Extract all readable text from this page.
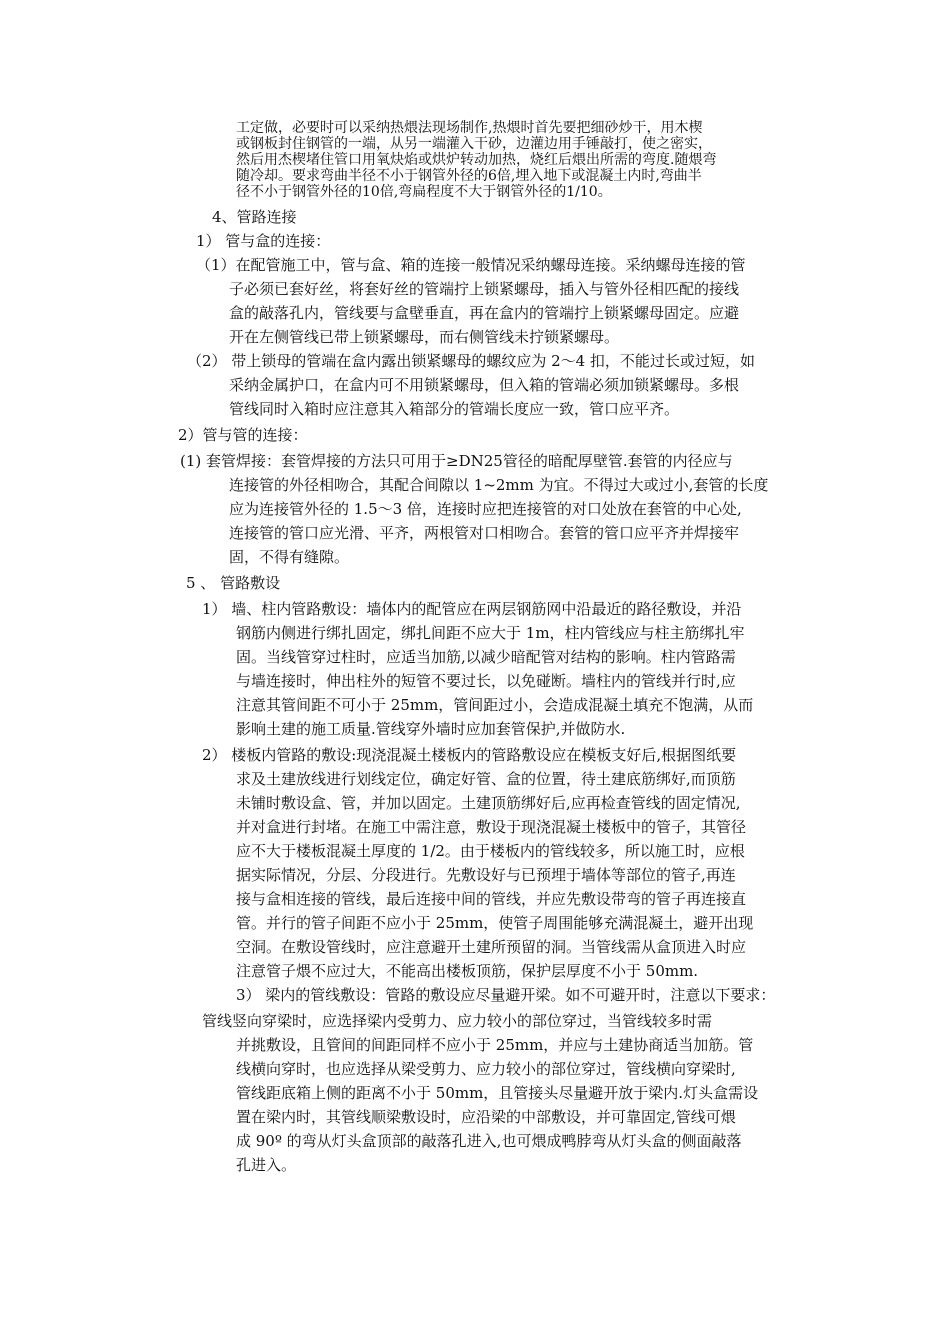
工定做，必要时可以采纳热煨法现场制作,热煨时首先要把细砂炒干，用木楔
或钢板封住钢管的一端，从另一端灌入干砂，边灌边用手锤敲打，使之密实，
然后用杰楔堵住管口用氧炔焰或烘炉转动加热，烧红后煨出所需的弯度.随煨弯
随冷却。要求弯曲半径不小于钢管外径的6倍,埋入地下或混凝土内时,弯曲半
径不小于钢管外径的10倍,弯扁程度不大于钢管外径的1/10。
4、管路连接
1） 管与盒的连接：
（1）在配管施工中，管与盒、箱的连接一般情况采纳螺母连接。采纳螺母连接的管
子必须已套好丝，将套好丝的管端拧上锁紧螺母，插入与管外径相匹配的接线
盒的敲落孔内，管线要与盒壁垂直，再在盒内的管端拧上锁紧螺母固定。应避
开在左侧管线已带上锁紧螺母，而右侧管线未拧锁紧螺母。
（2） 带上锁母的管端在盒内露出锁紧螺母的螺纹应为 2～4 扣，不能过长或过短，如
采纳金属护口，在盒内可不用锁紧螺母，但入箱的管端必须加锁紧螺母。多根
管线同时入箱时应注意其入箱部分的管端长度应一致，管口应平齐。
2）管与管的连接：
(1) 套管焊接：套管焊接的方法只可用于≥DN25管径的暗配厚壁管.套管的内径应与
连接管的外径相吻合，其配合间隙以 1~2mm 为宜。不得过大或过小,套管的长度
应为连接管外径的 1.5～3 倍，连接时应把连接管的对口处放在套管的中心处,
连接管的管口应光滑、平齐，两根管对口相吻合。套管的管口应平齐并焊接牢
固，不得有缝隙。
5 、 管路敷设
1） 墙、柱内管路敷设：墙体内的配管应在两层钢筋网中沿最近的路径敷设，并沿
钢筋内侧进行绑扎固定，绑扎间距不应大于 1m，柱内管线应与柱主筋绑扎牢
固。当线管穿过柱时，应适当加筋,以减少暗配管对结构的影响。柱内管路需
与墙连接时，伸出柱外的短管不要过长，以免碰断。墙柱内的管线并行时,应
注意其管间距不可小于 25mm，管间距过小，会造成混凝土填充不饱满，从而
影响土建的施工质量.管线穿外墙时应加套管保护,并做防水.
2） 楼板内管路的敷设:现浇混凝土楼板内的管路敷设应在模板支好后,根据图纸要
求及土建放线进行划线定位，确定好管、盒的位置，待土建底筋绑好,而顶筋
未铺时敷设盒、管，并加以固定。土建顶筋绑好后,应再检查管线的固定情况,
并对盒进行封堵。在施工中需注意，敷设于现浇混凝土楼板中的管子，其管径
应不大于楼板混凝土厚度的 1/2。由于楼板内的管线较多，所以施工时，应根
据实际情况，分层、分段进行。先敷设好与已预埋于墙体等部位的管子,再连
接与盒相连接的管线，最后连接中间的管线，并应先敷设带弯的管子再连接直
管。并行的管子间距不应小于 25mm，使管子周围能够充满混凝土，避开出现
空洞。在敷设管线时，应注意避开土建所预留的洞。当管线需从盒顶进入时应
注意管子煨不应过大，不能高出楼板顶筋，保护层厚度不小于 50mm.
3） 梁内的管线敷设：管路的敷设应尽量避开梁。如不可避开时，注意以下要求：
管线竖向穿梁时，应选择梁内受剪力、应力较小的部位穿过，当管线较多时需
并挑敷设，且管间的间距同样不应小于 25mm，并应与土建协商适当加筋。管
线横向穿时，也应选择从梁受剪力、应力较小的部位穿过，管线横向穿梁时,
管线距底箱上侧的距离不小于 50mm，且管接头尽量避开放于梁内.灯头盒需设
置在梁内时，其管线顺梁敷设时，应沿梁的中部敷设，并可靠固定,管线可煨
成 90º 的弯从灯头盒顶部的敲落孔进入,也可煨成鸭脖弯从灯头盒的侧面敲落
孔进入。
